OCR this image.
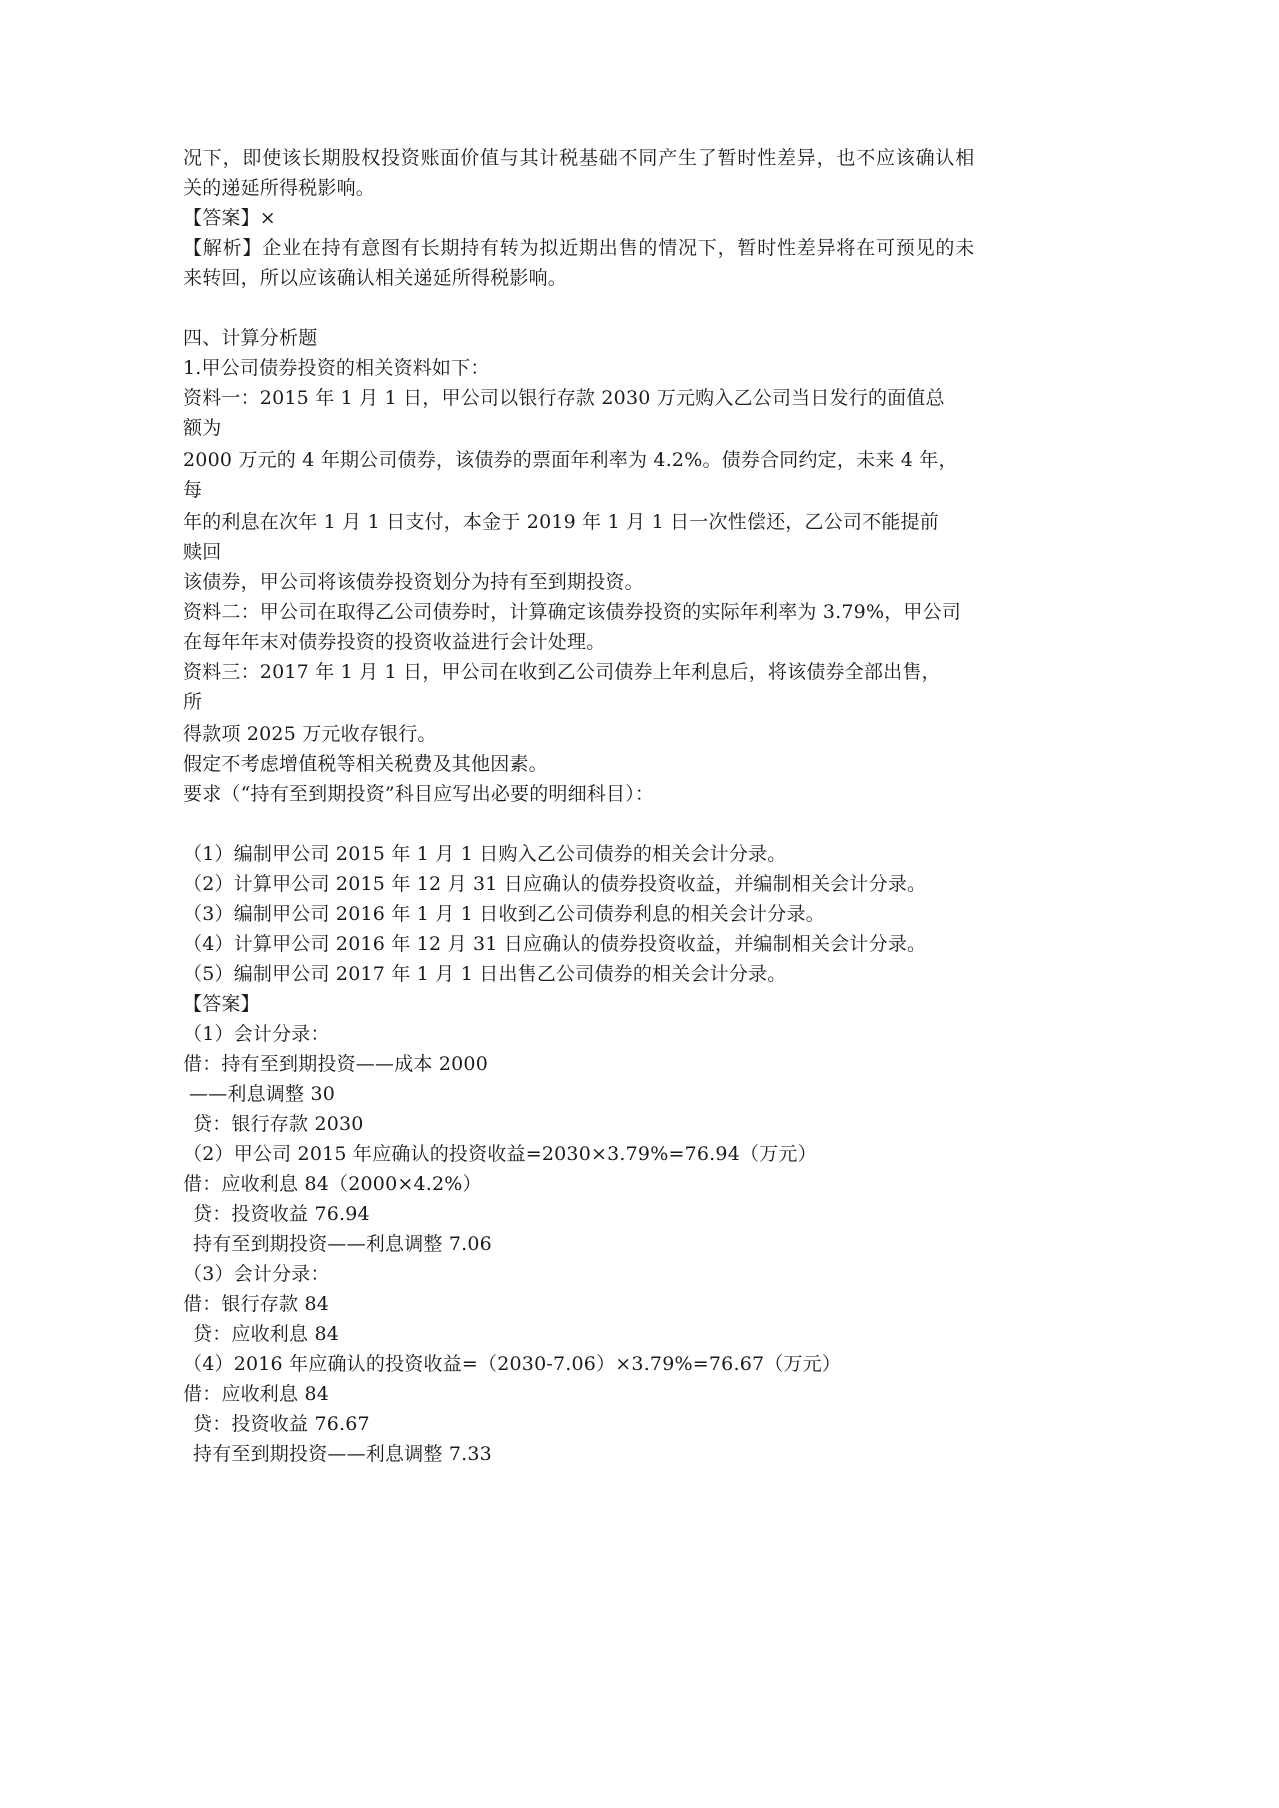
况下，即使该长期股权投资账面价值与其计税基础不同产生了暂时性差异，也不应该确认相
关的递延所得税影响。
【答案】×
【解析】企业在持有意图有长期持有转为拟近期出售的情况下，暂时性差异将在可预见的未
来转回，所以应该确认相关递延所得税影响。
四、计算分析题
1.甲公司债券投资的相关资料如下：
资料一：2015 年 1 月 1 日，甲公司以银行存款 2030 万元购入乙公司当日发行的面值总
额为
2000 万元的 4 年期公司债券，该债券的票面年利率为 4.2%。债券合同约定，未来 4 年，
每
年的利息在次年 1 月 1 日支付，本金于 2019 年 1 月 1 日一次性偿还，乙公司不能提前
赎回
该债券，甲公司将该债券投资划分为持有至到期投资。
资料二：甲公司在取得乙公司债券时，计算确定该债券投资的实际年利率为 3.79%，甲公司
在每年年末对债券投资的投资收益进行会计处理。
资料三：2017 年 1 月 1 日，甲公司在收到乙公司债券上年利息后，将该债券全部出售，
所
得款项 2025 万元收存银行。
假定不考虑增值税等相关税费及其他因素。
要求（“持有至到期投资”科目应写出必要的明细科目）：
（1）编制甲公司 2015 年 1 月 1 日购入乙公司债券的相关会计分录。
（2）计算甲公司 2015 年 12 月 31 日应确认的债券投资收益，并编制相关会计分录。
（3）编制甲公司 2016 年 1 月 1 日收到乙公司债券利息的相关会计分录。
（4）计算甲公司 2016 年 12 月 31 日应确认的债券投资收益，并编制相关会计分录。
（5）编制甲公司 2017 年 1 月 1 日出售乙公司债券的相关会计分录。
【答案】
（1）会计分录：
借：持有至到期投资——成本 2000
——利息调整 30
贷：银行存款 2030
（2）甲公司 2015 年应确认的投资收益=2030×3.79%=76.94（万元）
借：应收利息 84（2000×4.2%）
贷：投资收益 76.94
持有至到期投资——利息调整 7.06
（3）会计分录：
借：银行存款 84
贷：应收利息 84
（4）2016 年应确认的投资收益=（2030-7.06）×3.79%=76.67（万元）
借：应收利息 84
贷：投资收益 76.67
持有至到期投资——利息调整 7.33
